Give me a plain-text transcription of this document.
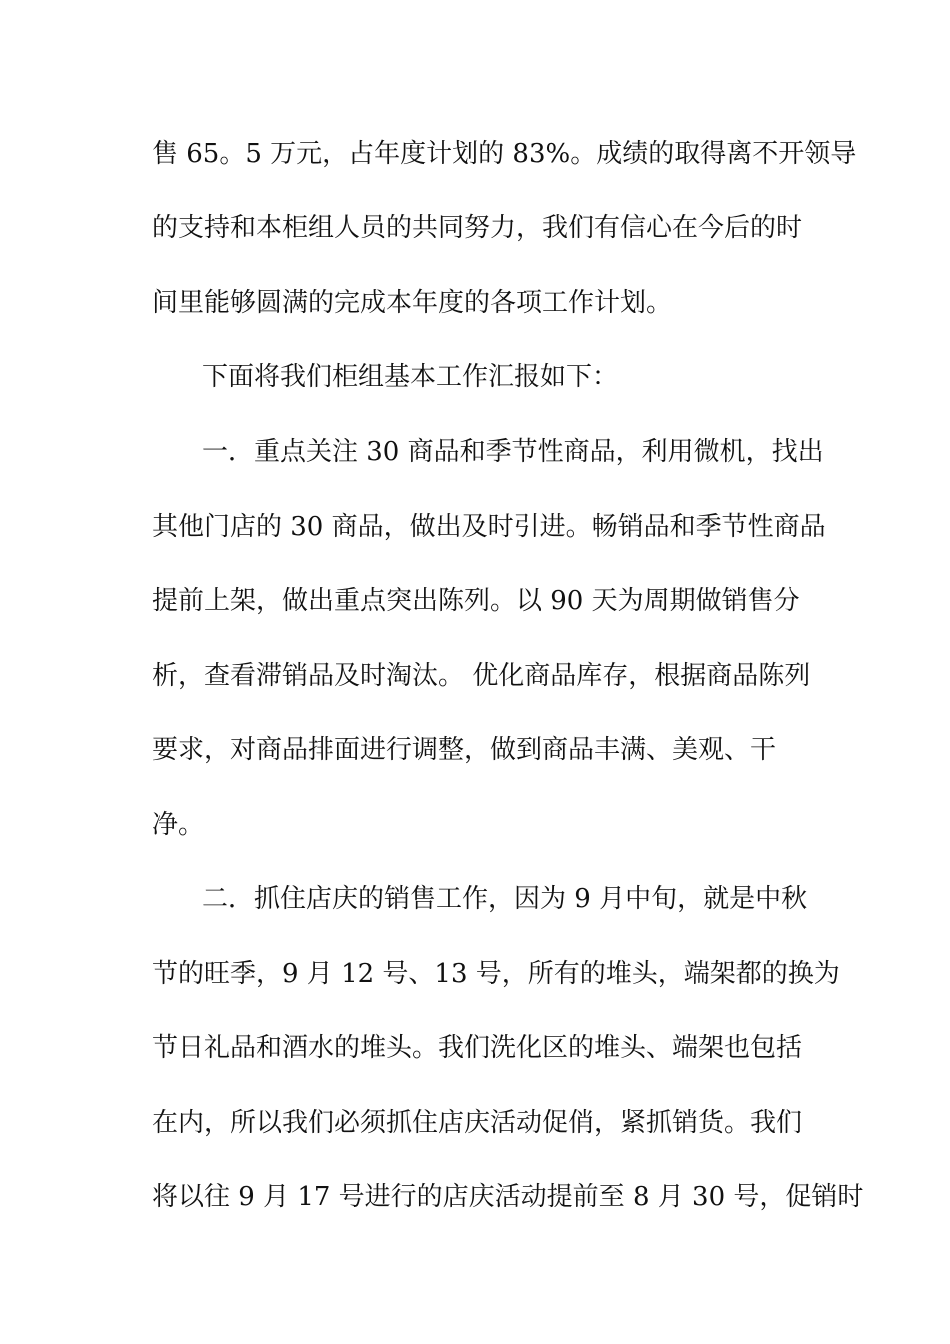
售 65。5 万元，占年度计划的 83%。成绩的取得离不开领导
的支持和本柜组人员的共同努力，我们有信心在今后的时
间里能够圆满的完成本年度的各项工作计划。
下面将我们柜组基本工作汇报如下：
一．重点关注 30 商品和季节性商品，利用微机，找出
其他门店的 30 商品，做出及时引进。畅销品和季节性商品
提前上架，做出重点突出陈列。以 90 天为周期做销售分
析，查看滞销品及时淘汰。 优化商品库存，根据商品陈列
要求，对商品排面进行调整，做到商品丰满、美观、干
净。
二．抓住店庆的销售工作，因为 9 月中旬，就是中秋
节的旺季，9 月 12 号、13 号，所有的堆头，端架都的换为
节日礼品和酒水的堆头。我们洗化区的堆头、端架也包括
在内，所以我们必须抓住店庆活动促俏，紧抓销货。我们
将以往 9 月 17 号进行的店庆活动提前至 8 月 30 号，促销时
